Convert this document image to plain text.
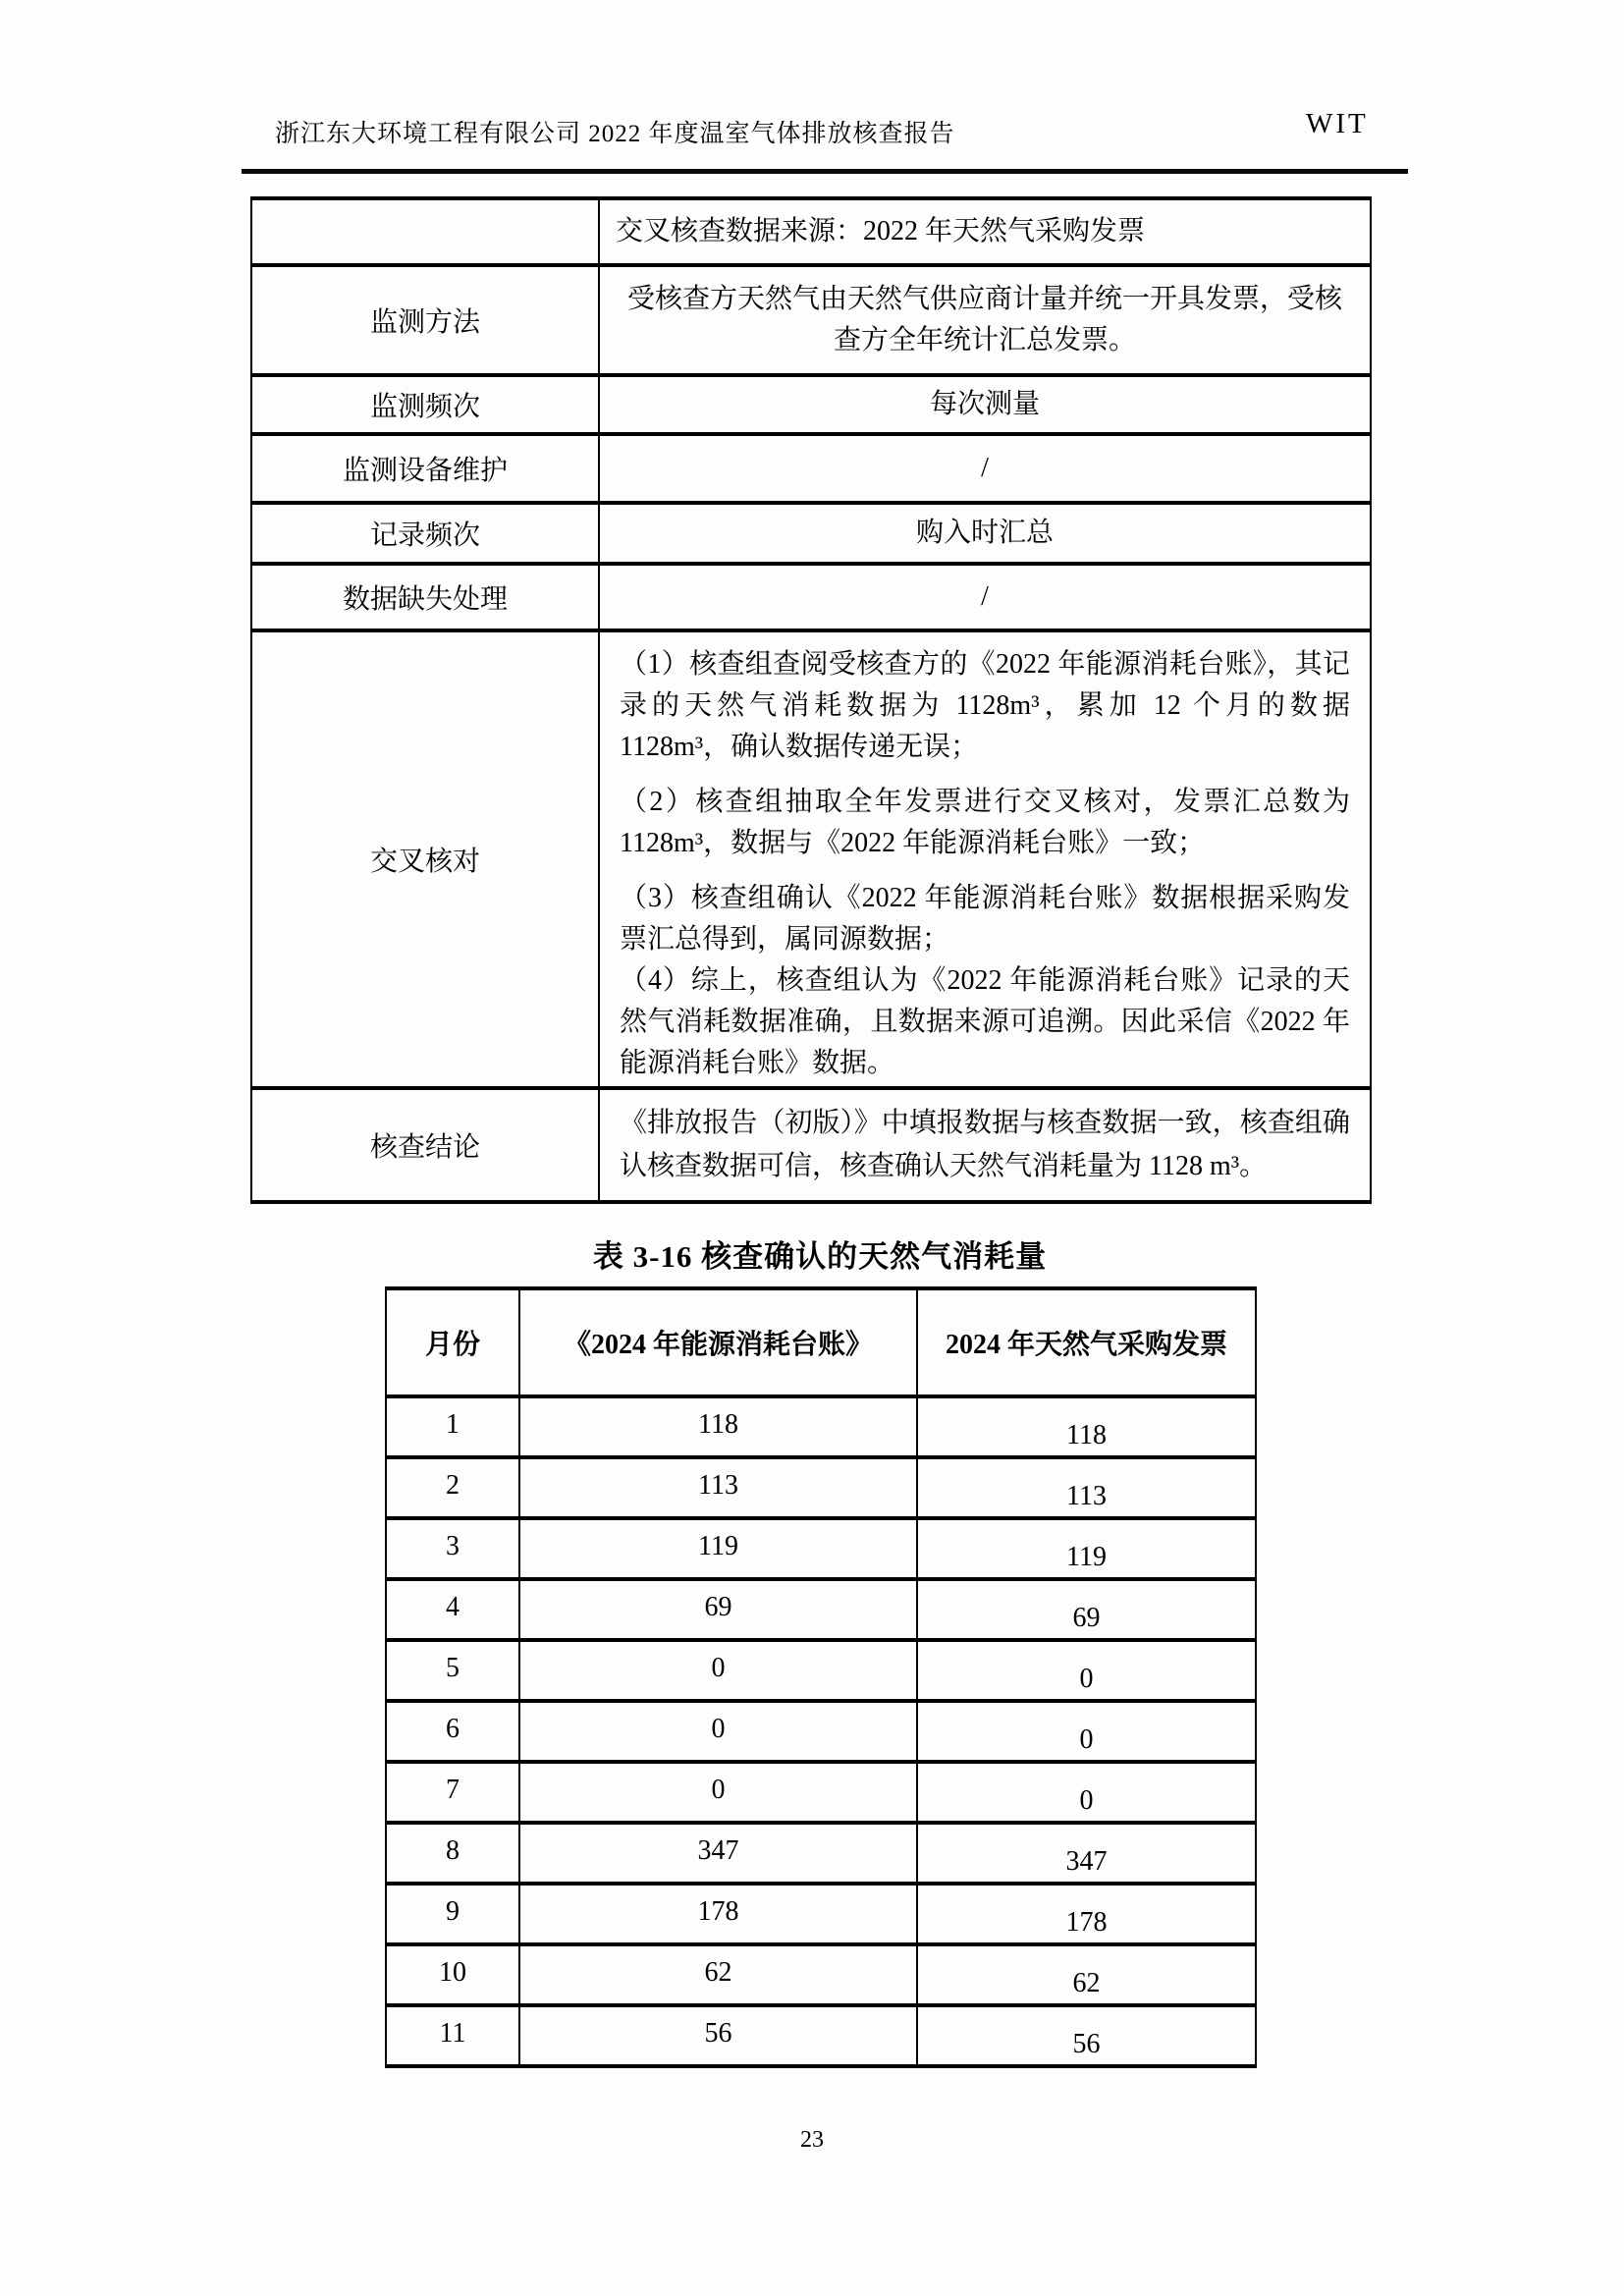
浙江东大环境工程有限公司 2022 年度温室气体排放核查报告	WIT
	交叉核查数据来源：2022 年天然气采购发票
监测方法	受核查方天然气由天然气供应商计量并统一开具发票，受核查方全年统计汇总发票。
监测频次	每次测量
监测设备维护	/
记录频次	购入时汇总
数据缺失处理	/
交叉核对	（1）核查组查阅受核查方的《2022 年能源消耗台账》，其记录的天然气消耗数据为 1128m³，累加 12 个月的数据 1128m³，确认数据传递无误；

（2）核查组抽取全年发票进行交叉核对，发票汇总数为 1128m³，数据与《2022 年能源消耗台账》一致；

（3）核查组确认《2022 年能源消耗台账》数据根据采购发票汇总得到，属同源数据；

（4）综上，核查组认为《2022 年能源消耗台账》记录的天然气消耗数据准确，且数据来源可追溯。因此采信《2022 年能源消耗台账》数据。

核查结论	《排放报告（初版）》中填报数据与核查数据一致，核查组确认核查数据可信，核查确认天然气消耗量为 1128 m³。
表 3-16 核查确认的天然气消耗量
月份	《2024 年能源消耗台账》	2024 年天然气采购发票
1	118	118
2	113	113
3	119	119
4	69	69
5	0	0
6	0	0
7	0	0
8	347	347
9	178	178
10	62	62
11	56	56
23
